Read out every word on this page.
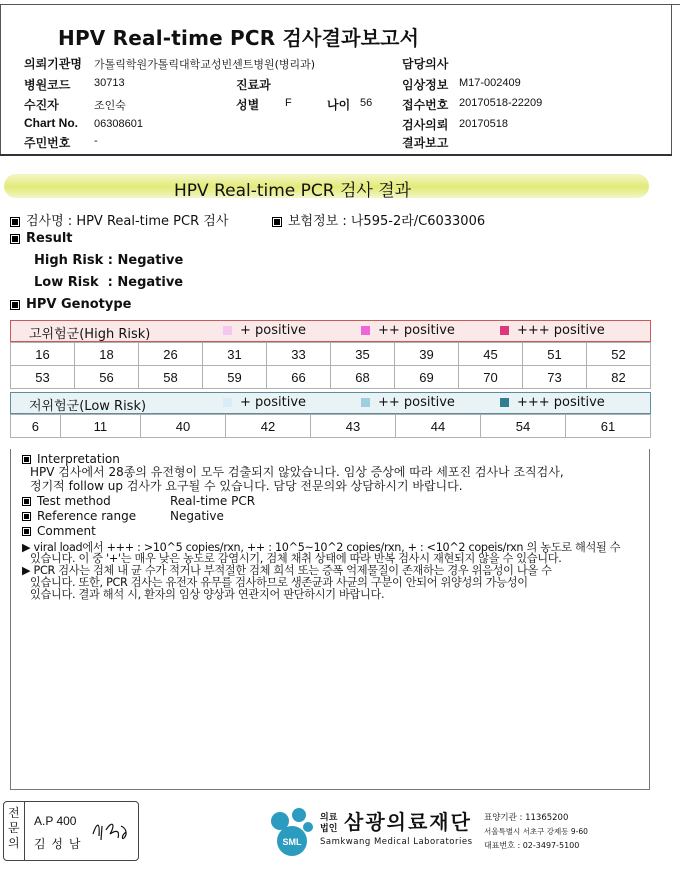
HPV Real-time PCR 검사결과보고서
의뢰기관명 가톨릭학원가톨릭대학교성빈센트병원(병리과)	담당의사
병원코드 30713	진료과	임상정보 M17-002409
수진자	조인숙	성별 F	나이 56 접수번호 20170518-22209
Chart No. 06308601	검사의뢰 20170518
주민번호 -	결과보고
HPV Real-time PCR 검사 결과
검사명 : HPV Real-time PCR 검사	보험정보 : 나595-2라/C6033006
Result
High Risk : Negative
Low Risk  : Negative
HPV Genotype
고위험군(High Risk)	+ positive	++ positive	+++ positive
16	18	26	31	33	35	39	45	51	52
53	56	58	59	66	68	69	70	73	82
저위험군(Low Risk)	+ positive	++ positive	+++ positive
6	11	40	42	43	44	54	61
Interpretation
HPV 검사에서 28종의 유전형이 모두 검출되지 않았습니다. 임상 증상에 따라 세포진 검사나 조직검사,
정기적 follow up 검사가 요구될 수 있습니다. 담당 전문의와 상담하시기 바랍니다.
Test method	Real-time PCR
Reference range	Negative
Comment
▶ viral load에서 +++ : >10^5 copies/rxn, ++ : 10^5~10^2 copies/rxn, + : <10^2 copeis/rxn 의 농도로 해석될 수
있습니다. 이 중 '+'는 매우 낮은 농도로 감염시기, 검체 채취 상태에 따라 반복 검사시 재현되지 않을 수 있습니다.
▶ PCR 검사는 검체 내 균 수가 적거나 부적절한 검체 희석 또는 증폭 억제물질이 존재하는 경우 위음성이 나올 수
있습니다. 또한, PCR 검사는 유전자 유무를 검사하므로 생존균과 사균의 구분이 안되어 위양성의 가능성이
있습니다. 결과 해석 시, 환자의 임상 양상과 연관지어 판단하시기 바랍니다.
전문의
A.P 400
김 성 남	SML
의료
법인 삼광의료재단
Samkwang Medical Laboratories
표양기관 : 11365200
서울특별시 서초구 강제동 9-60
대표번호 : 02-3497-5100
